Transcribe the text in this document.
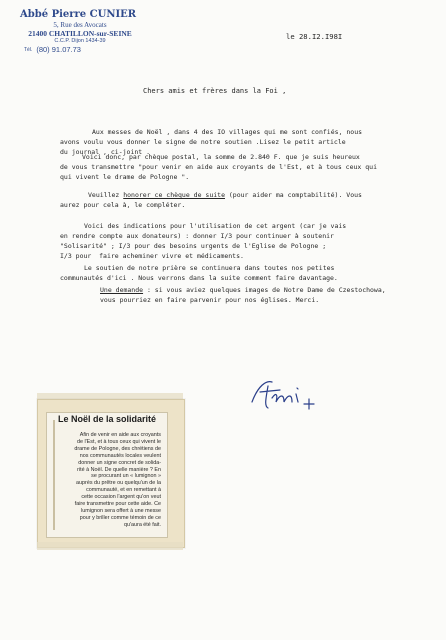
Abbé Pierre CUNIER
5, Rue des Avocats
21400 CHATILLON-sur-SEINE
C.C.P. Dijon 1434-39
Tél. (80) 91.07.73
le 28.I2.I98I
Chers amis et frères dans la Foi ,
Aux messes de Noël , dans 4 des IO villages qui me sont confiés, nous
avons voulu vous donner le signe de notre soutien .Lisez le petit article
du journal , ci-joint .
Voici donc, par chèque postal, la somme de 2.840 F. que je suis heureux
de vous transmettre "pour venir en aide aux croyants de l'Est, et à tous ceux qui
qui vivent le drame de Pologne ".
Veuillez honorer ce chèque de suite (pour aider ma comptabilité). Vous
aurez pour cela à, le compléter.
Voici des indications pour l'utilisation de cet argent (car je vais
en rendre compte aux donateurs) : donner I/3 pour continuer à soutenir
"Solisarité" ; I/3 pour des besoins urgents de l'Eglise de Pologne ;
I/3 pour  faire acheminer vivre et médicaments.
Le soutien de notre prière se continuera dans toutes nos petites
communautés d'ici . Nous verrons dans la suite comment faire davantage.
Une demande : si vous aviez quelques images de Notre Dame de Czestochowa,
vous pourriez en faire parvenir pour nos églises. Merci.
Le Noël de la solidarité
Afin de venir en aide aux croyants
de l'Est, et à tous ceux qui vivent le
drame de Pologne, des chrétiens de
nos communautés locales veulent
donner un signe concret de solida-
rité à Noël. De quelle manière ? En
se procurant un « lumignon »
auprès du prêtre ou quelqu'un de la
communauté, et en remettant à
cette occasion l'argent qu'on veut
faire transmettre pour cette aide. Ce
lumignon sera offert à une messe
pour y briller comme témoin de ce
qu'aura été fait.
